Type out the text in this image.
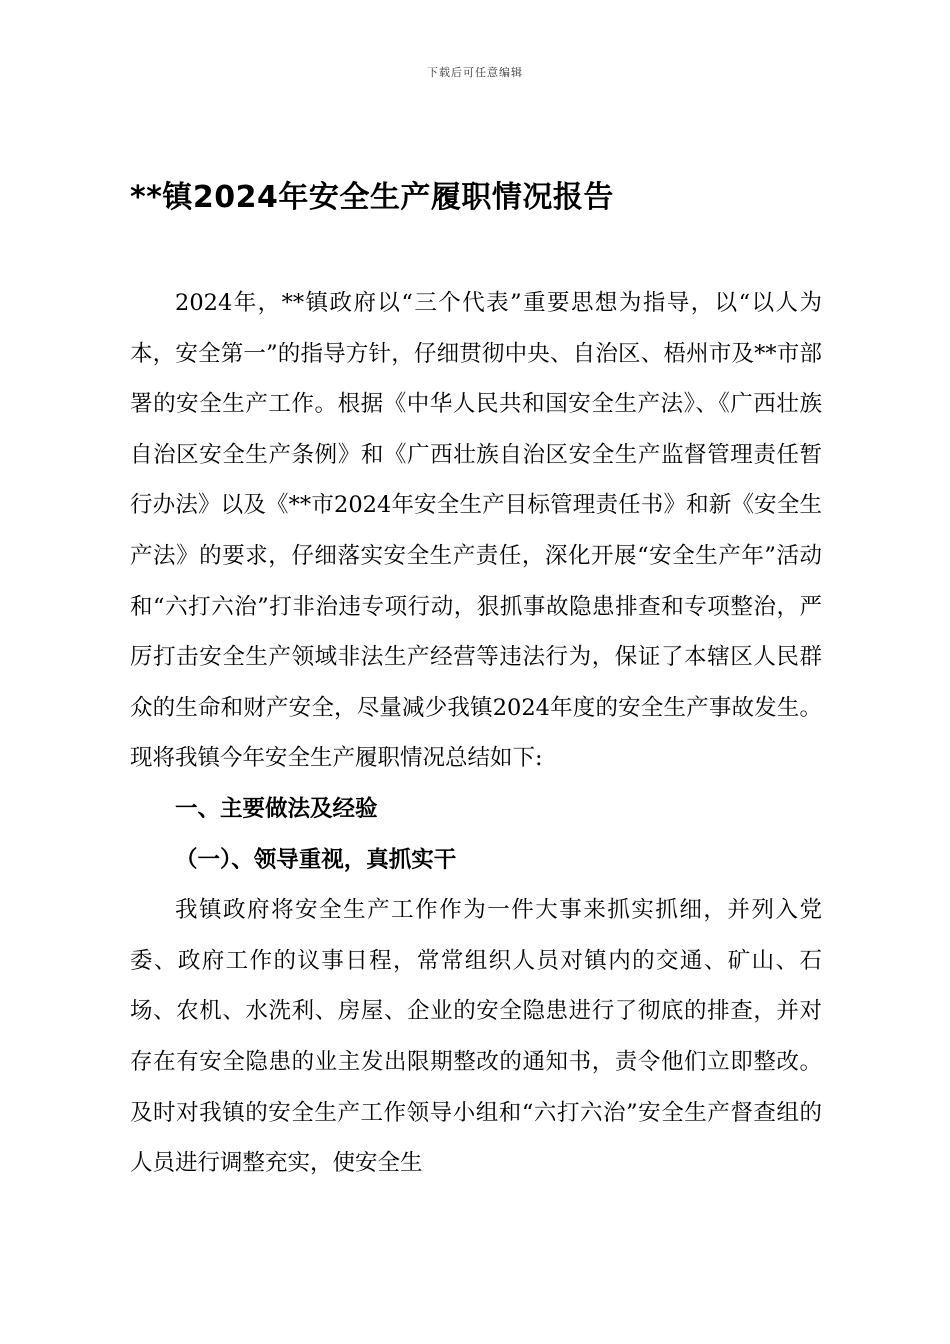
下载后可任意编辑
**镇2024年安全生产履职情况报告

2024年，**镇政府以“三个代表”重要思想为指导，以“以人为本，安全第一”的指导方针，仔细贯彻中央、自治区、梧州市及**市部署的安全生产工作。根据《中华人民共和国安全生产法》、《广西壮族自治区安全生产条例》和《广西壮族自治区安全生产监督管理责任暂行办法》以及《**市2024年安全生产目标管理责任书》和新《安全生产法》的要求，仔细落实安全生产责任，深化开展“安全生产年”活动和“六打六治”打非治违专项行动，狠抓事故隐患排查和专项整治，严厉打击安全生产领域非法生产经营等违法行为，保证了本辖区人民群众的生命和财产安全，尽量减少我镇2024年度的安全生产事故发生。现将我镇今年安全生产履职情况总结如下:

一、主要做法及经验
（一）、领导重视，真抓实干

我镇政府将安全生产工作作为一件大事来抓实抓细，并列入党委、政府工作的议事日程，常常组织人员对镇内的交通、矿山、石场、农机、水洗利、房屋、企业的安全隐患进行了彻底的排查，并对存在有安全隐患的业主发出限期整改的通知书，责令他们立即整改。及时对我镇的安全生产工作领导小组和“六打六治”安全生产督查组的人员进行调整充实，使安全生
